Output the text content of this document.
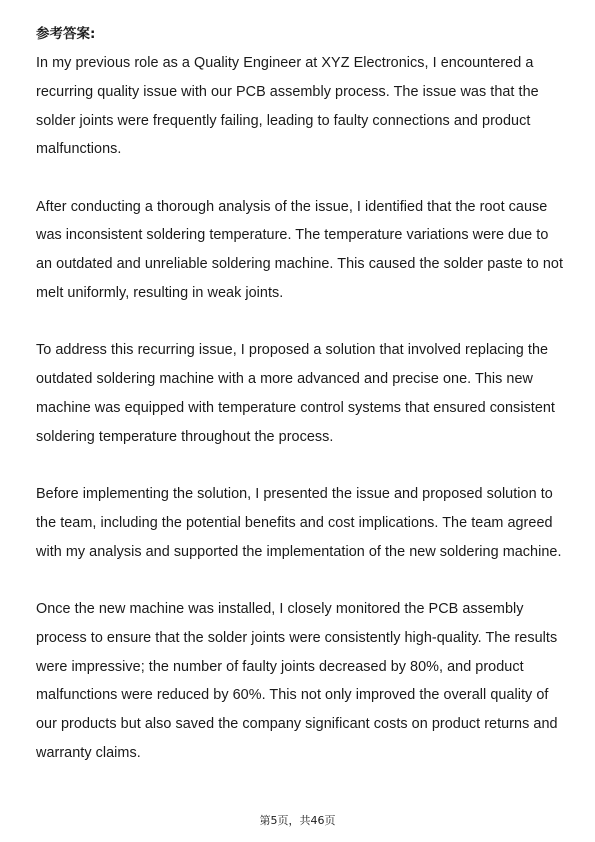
参考答案:

In my previous role as a Quality Engineer at XYZ Electronics, I encountered a recurring quality issue with our PCB assembly process. The issue was that the solder joints were frequently failing, leading to faulty connections and product malfunctions.

After conducting a thorough analysis of the issue, I identified that the root cause was inconsistent soldering temperature. The temperature variations were due to an outdated and unreliable soldering machine. This caused the solder paste to not melt uniformly, resulting in weak joints.

To address this recurring issue, I proposed a solution that involved replacing the outdated soldering machine with a more advanced and precise one. This new machine was equipped with temperature control systems that ensured consistent soldering temperature throughout the process.

Before implementing the solution, I presented the issue and proposed solution to the team, including the potential benefits and cost implications. The team agreed with my analysis and supported the implementation of the new soldering machine.

Once the new machine was installed, I closely monitored the PCB assembly process to ensure that the solder joints were consistently high-quality. The results were impressive; the number of faulty joints decreased by 80%, and product malfunctions were reduced by 60%. This not only improved the overall quality of our products but also saved the company significant costs on product returns and warranty claims.

第5页，共46页
